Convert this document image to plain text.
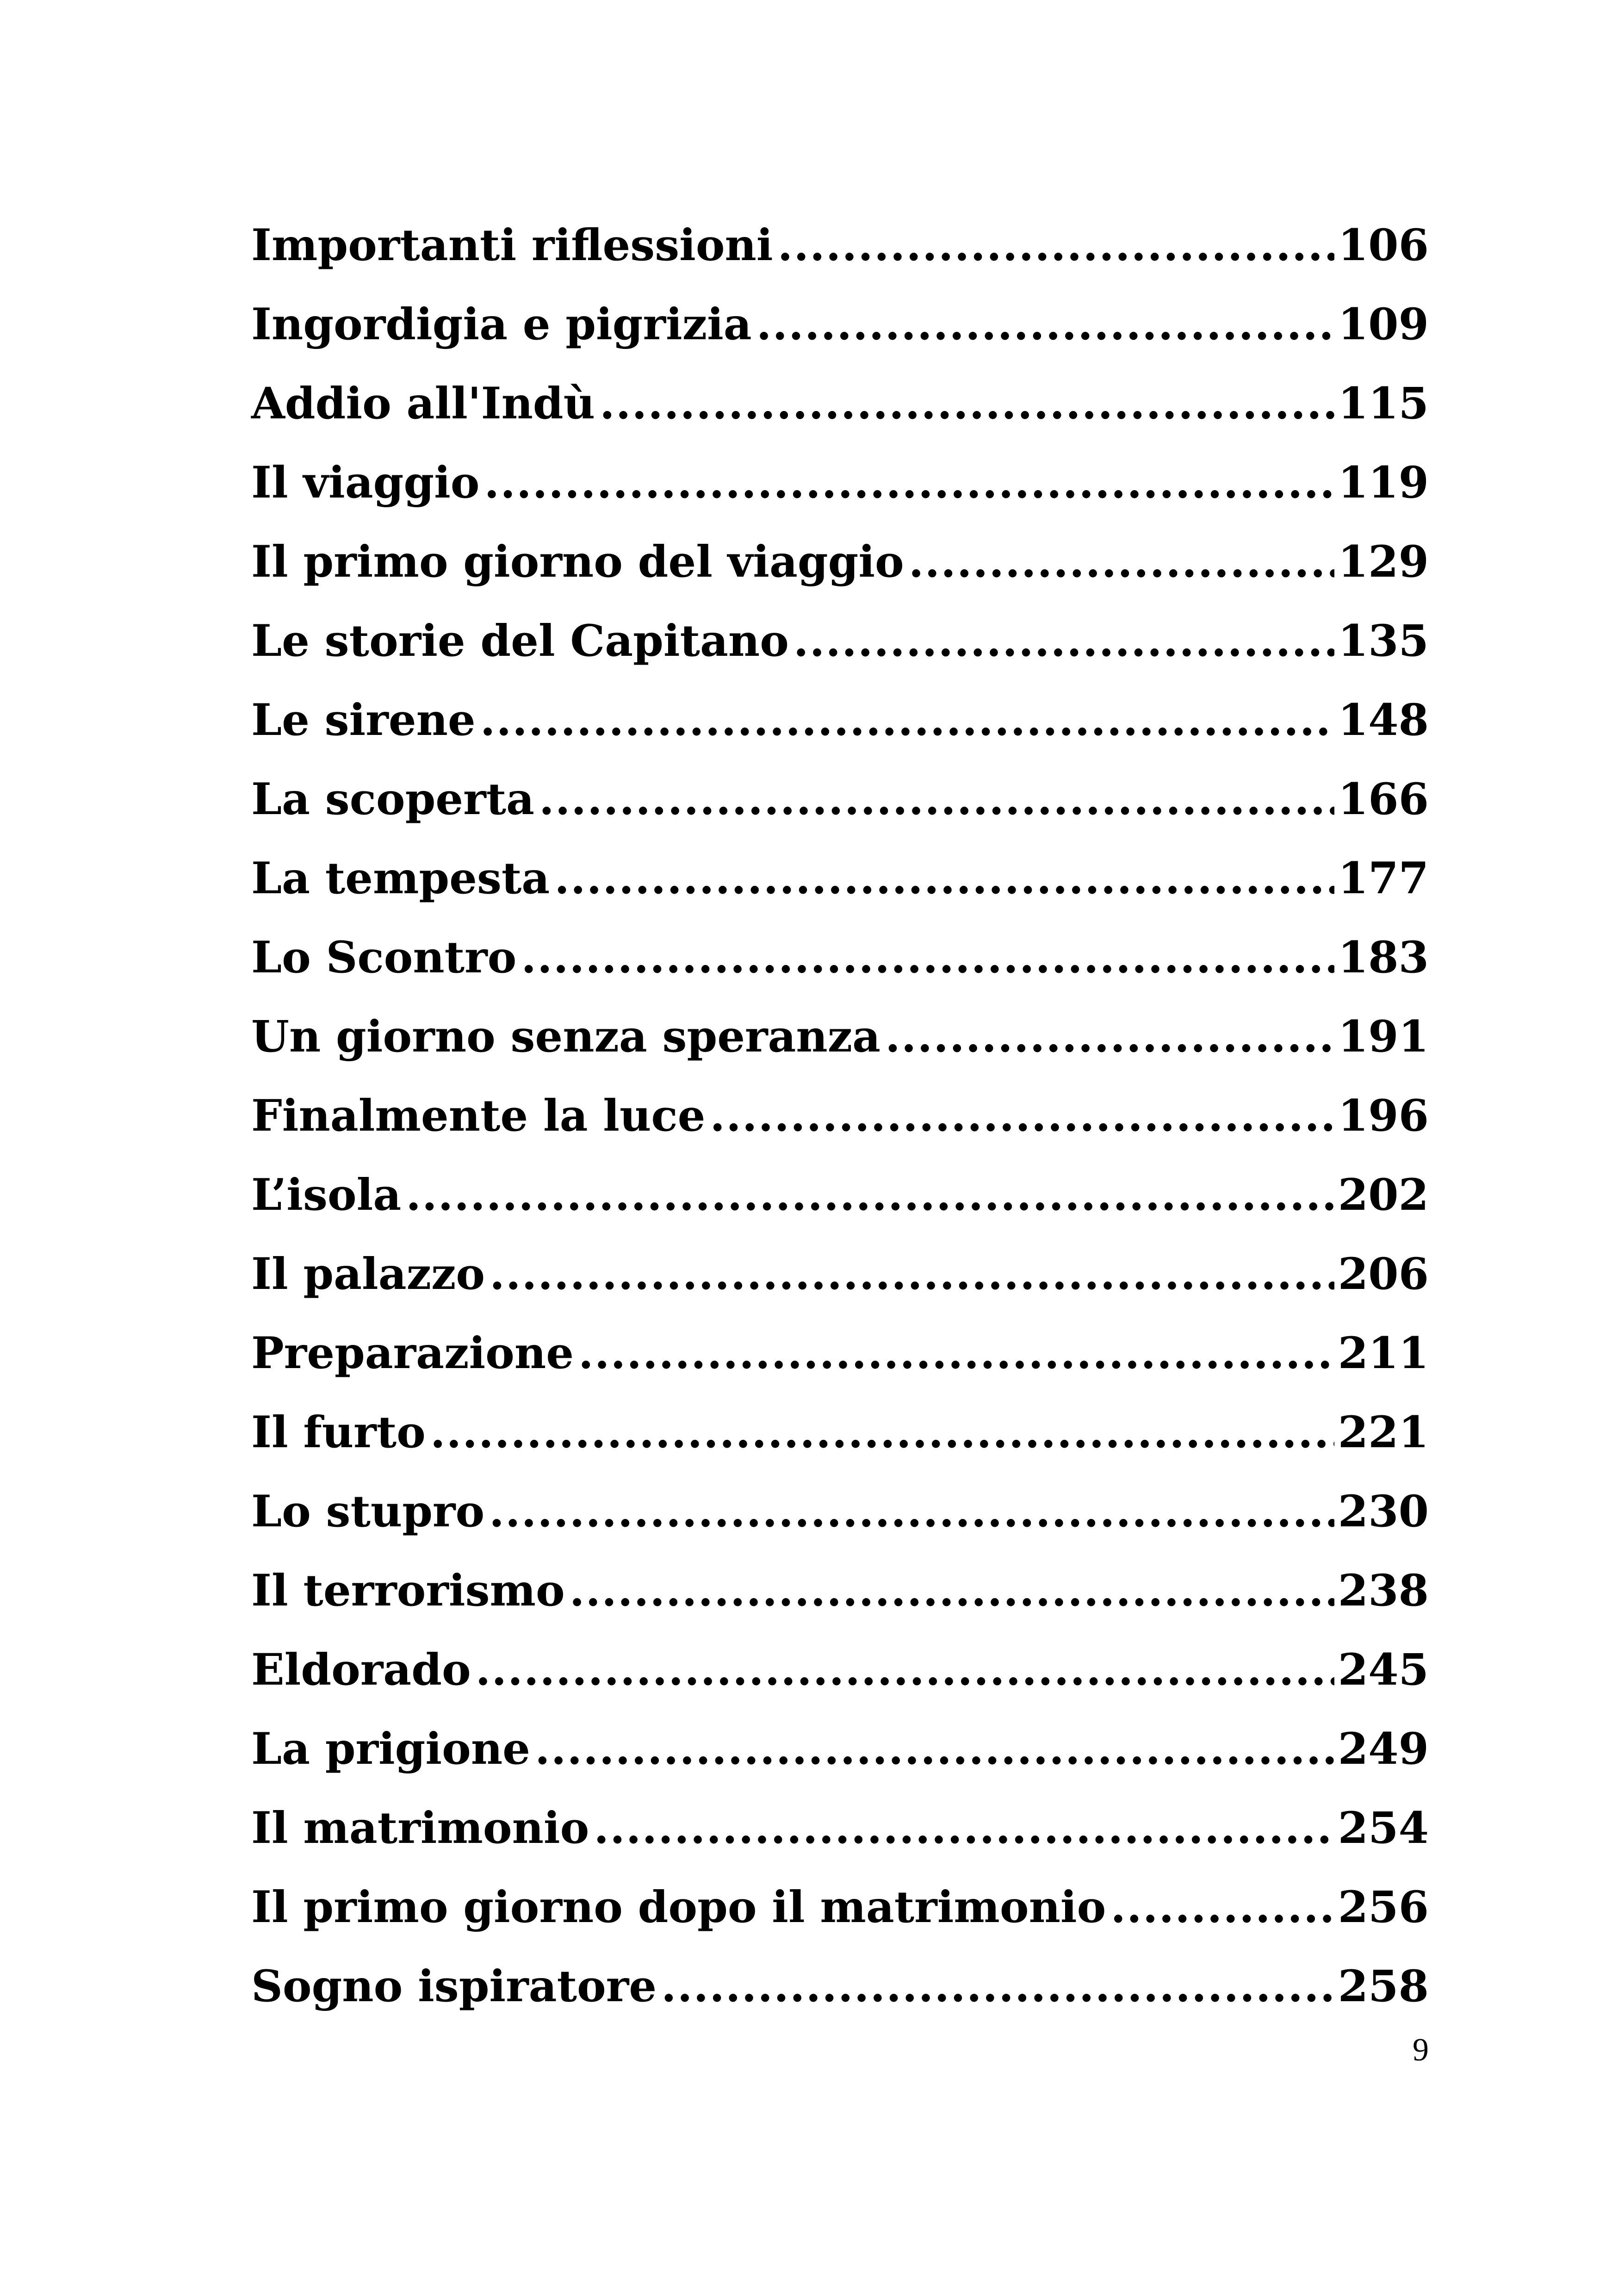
Importanti riflessioni .....	106
Ingordigia e pigrizia .....	109
Addio all'Indù .....	115
Il viaggio .....	119
Il primo giorno del viaggio .....	129
Le storie del Capitano .....	135
Le sirene .....	148
La scoperta .....	166
La tempesta .....	177
Lo Scontro .....	183
Un giorno senza speranza .....	191
Finalmente la luce .....	196
L’isola .....	202
Il palazzo .....	206
Preparazione .....	211
Il furto .....	221
Lo stupro .....	230
Il terrorismo .....	238
Eldorado .....	245
La prigione .....	249
Il matrimonio .....	254
Il primo giorno dopo il matrimonio .....	256
Sogno ispiratore .....	258
9
